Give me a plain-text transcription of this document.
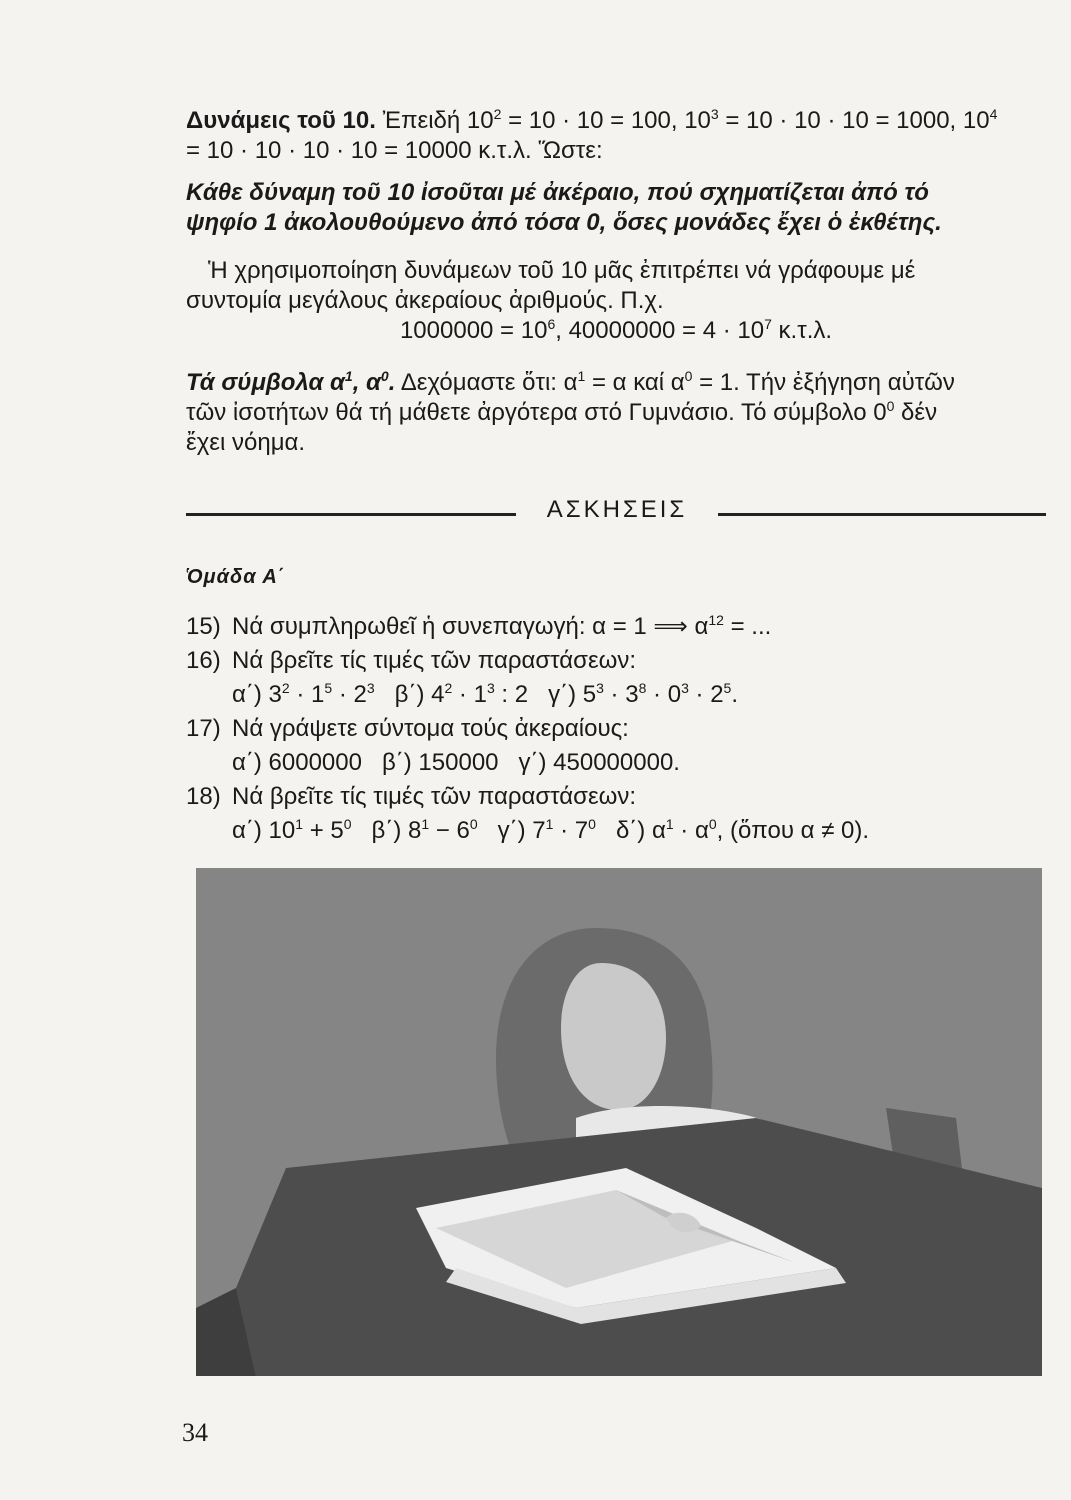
Δυνάμεις τοῦ 10. Ἐπειδή $10^2 = 10 \cdot 10 = 100$, $10^3 = 10 \cdot 10 \cdot 10 = 1000$, $10^4$
= 10 · 10 · 10 · 10 = 10000 κ.τ.λ. Ὥστε:
Κάθε δύναμη τοῦ 10 ἰσοῦται μέ ἀκέραιο, πού σχηματίζεται ἀπό τό
ψηφίο 1 ἀκολουθούμενο ἀπό τόσα 0, ὅσες μονάδες ἔχει ὁ ἐκθέτης.
Ἡ χρησιμοποίηση δυνάμεων τοῦ 10 μᾶς ἐπιτρέπει νά γράφουμε μέ
συντομία μεγάλους ἀκεραίους ἀριθμούς. Π.χ.
$1000000 = 10^6$, $40000000 = 4 \cdot 10^7$ κ.τ.λ.
Τά σύμβολα $\alpha^1$, $\alpha^0$. Δεχόμαστε ὅτι: $\alpha^1 = \alpha$ καί $\alpha^0 = 1$. Τήν ἐξήγηση αὐτῶν
τῶν ἰσοτήτων θά τή μάθετε ἀργότερα στό Γυμνάσιο. Τό σύμβολο $0^0$ δέν
ἔχει νόημα.
ΑΣΚΗΣΕΙΣ
Ὁμάδα Α΄
15) Νά συμπληρωθεῖ ἡ συνεπαγωγή: α = 1 ⟹ $\alpha^{12}$ = ...
16) Νά βρεῖτε τίς τιμές τῶν παραστάσεων:
α΄) $3^2 \cdot 1^5 \cdot 2^3$   β΄) $4^2 \cdot 1^3$ : 2   γ΄) $5^3 \cdot 3^8 \cdot 0^3 \cdot 2^5$.
17) Νά γράψετε σύντομα τούς ἀκεραίους:
α΄) 6000000   β΄) 150000   γ΄) 450000000.
18) Νά βρεῖτε τίς τιμές τῶν παραστάσεων:
α΄) $10^1 + 5^0$   β΄) $8^1 - 6^0$   γ΄) $7^1 \cdot 7^0$   δ΄) $\alpha^1 \cdot \alpha^0$, (ὅπου α ≠ 0).
34
